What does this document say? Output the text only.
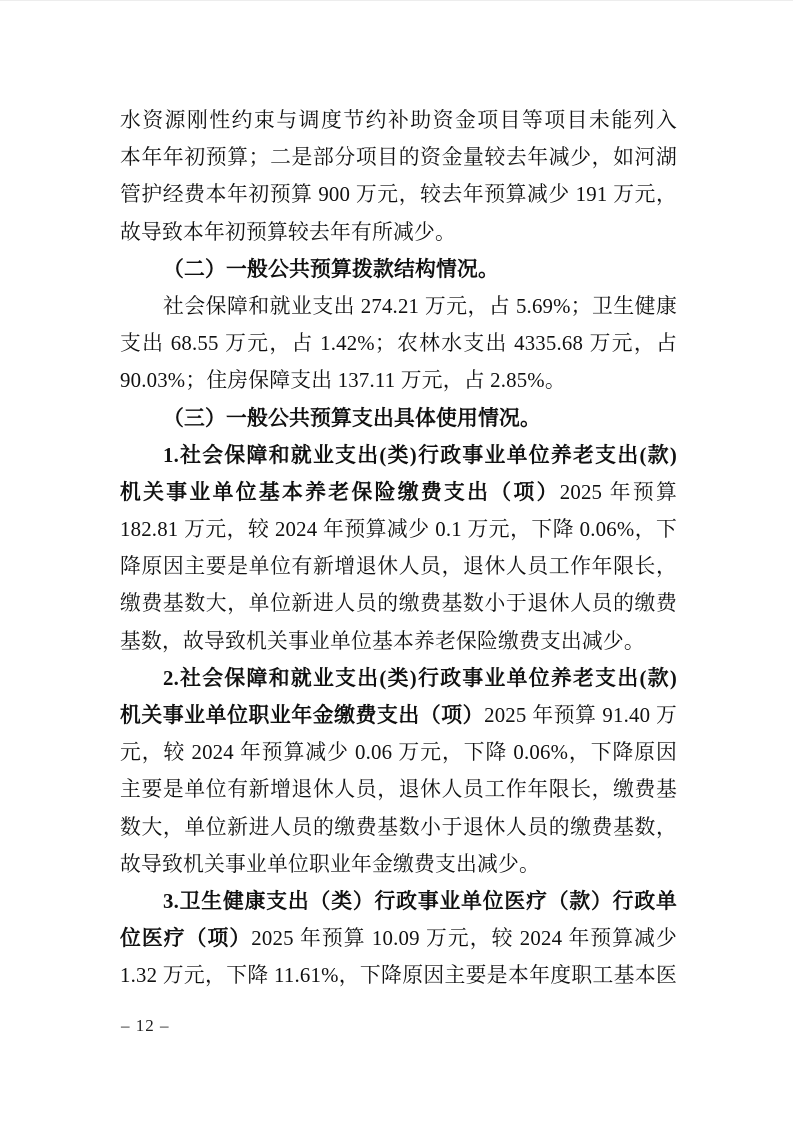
水资源刚性约束与调度节约补助资金项目等项目未能列入
本年年初预算；二是部分项目的资金量较去年减少，如河湖
管护经费本年初预算 900 万元，较去年预算减少 191 万元，
故导致本年初预算较去年有所减少。
（二）一般公共预算拨款结构情况。
社会保障和就业支出 274.21 万元，占 5.69%；卫生健康
支出 68.55 万元，占 1.42%；农林水支出 4335.68 万元，占
90.03%；住房保障支出 137.11 万元，占 2.85%。
（三）一般公共预算支出具体使用情况。
1.社会保障和就业支出(类)行政事业单位养老支出(款)
机关事业单位基本养老保险缴费支出（项）2025 年预算
182.81 万元，较 2024 年预算减少 0.1 万元，下降 0.06%，下
降原因主要是单位有新增退休人员，退休人员工作年限长，
缴费基数大，单位新进人员的缴费基数小于退休人员的缴费
基数，故导致机关事业单位基本养老保险缴费支出减少。
2.社会保障和就业支出(类)行政事业单位养老支出(款)
机关事业单位职业年金缴费支出（项）2025 年预算 91.40 万
元，较 2024 年预算减少 0.06 万元，下降 0.06%，下降原因
主要是单位有新增退休人员，退休人员工作年限长，缴费基
数大，单位新进人员的缴费基数小于退休人员的缴费基数，
故导致机关事业单位职业年金缴费支出减少。
3.卫生健康支出（类）行政事业单位医疗（款）行政单
位医疗（项）2025 年预算 10.09 万元，较 2024 年预算减少
1.32 万元，下降 11.61%，下降原因主要是本年度职工基本医
– 12 –
